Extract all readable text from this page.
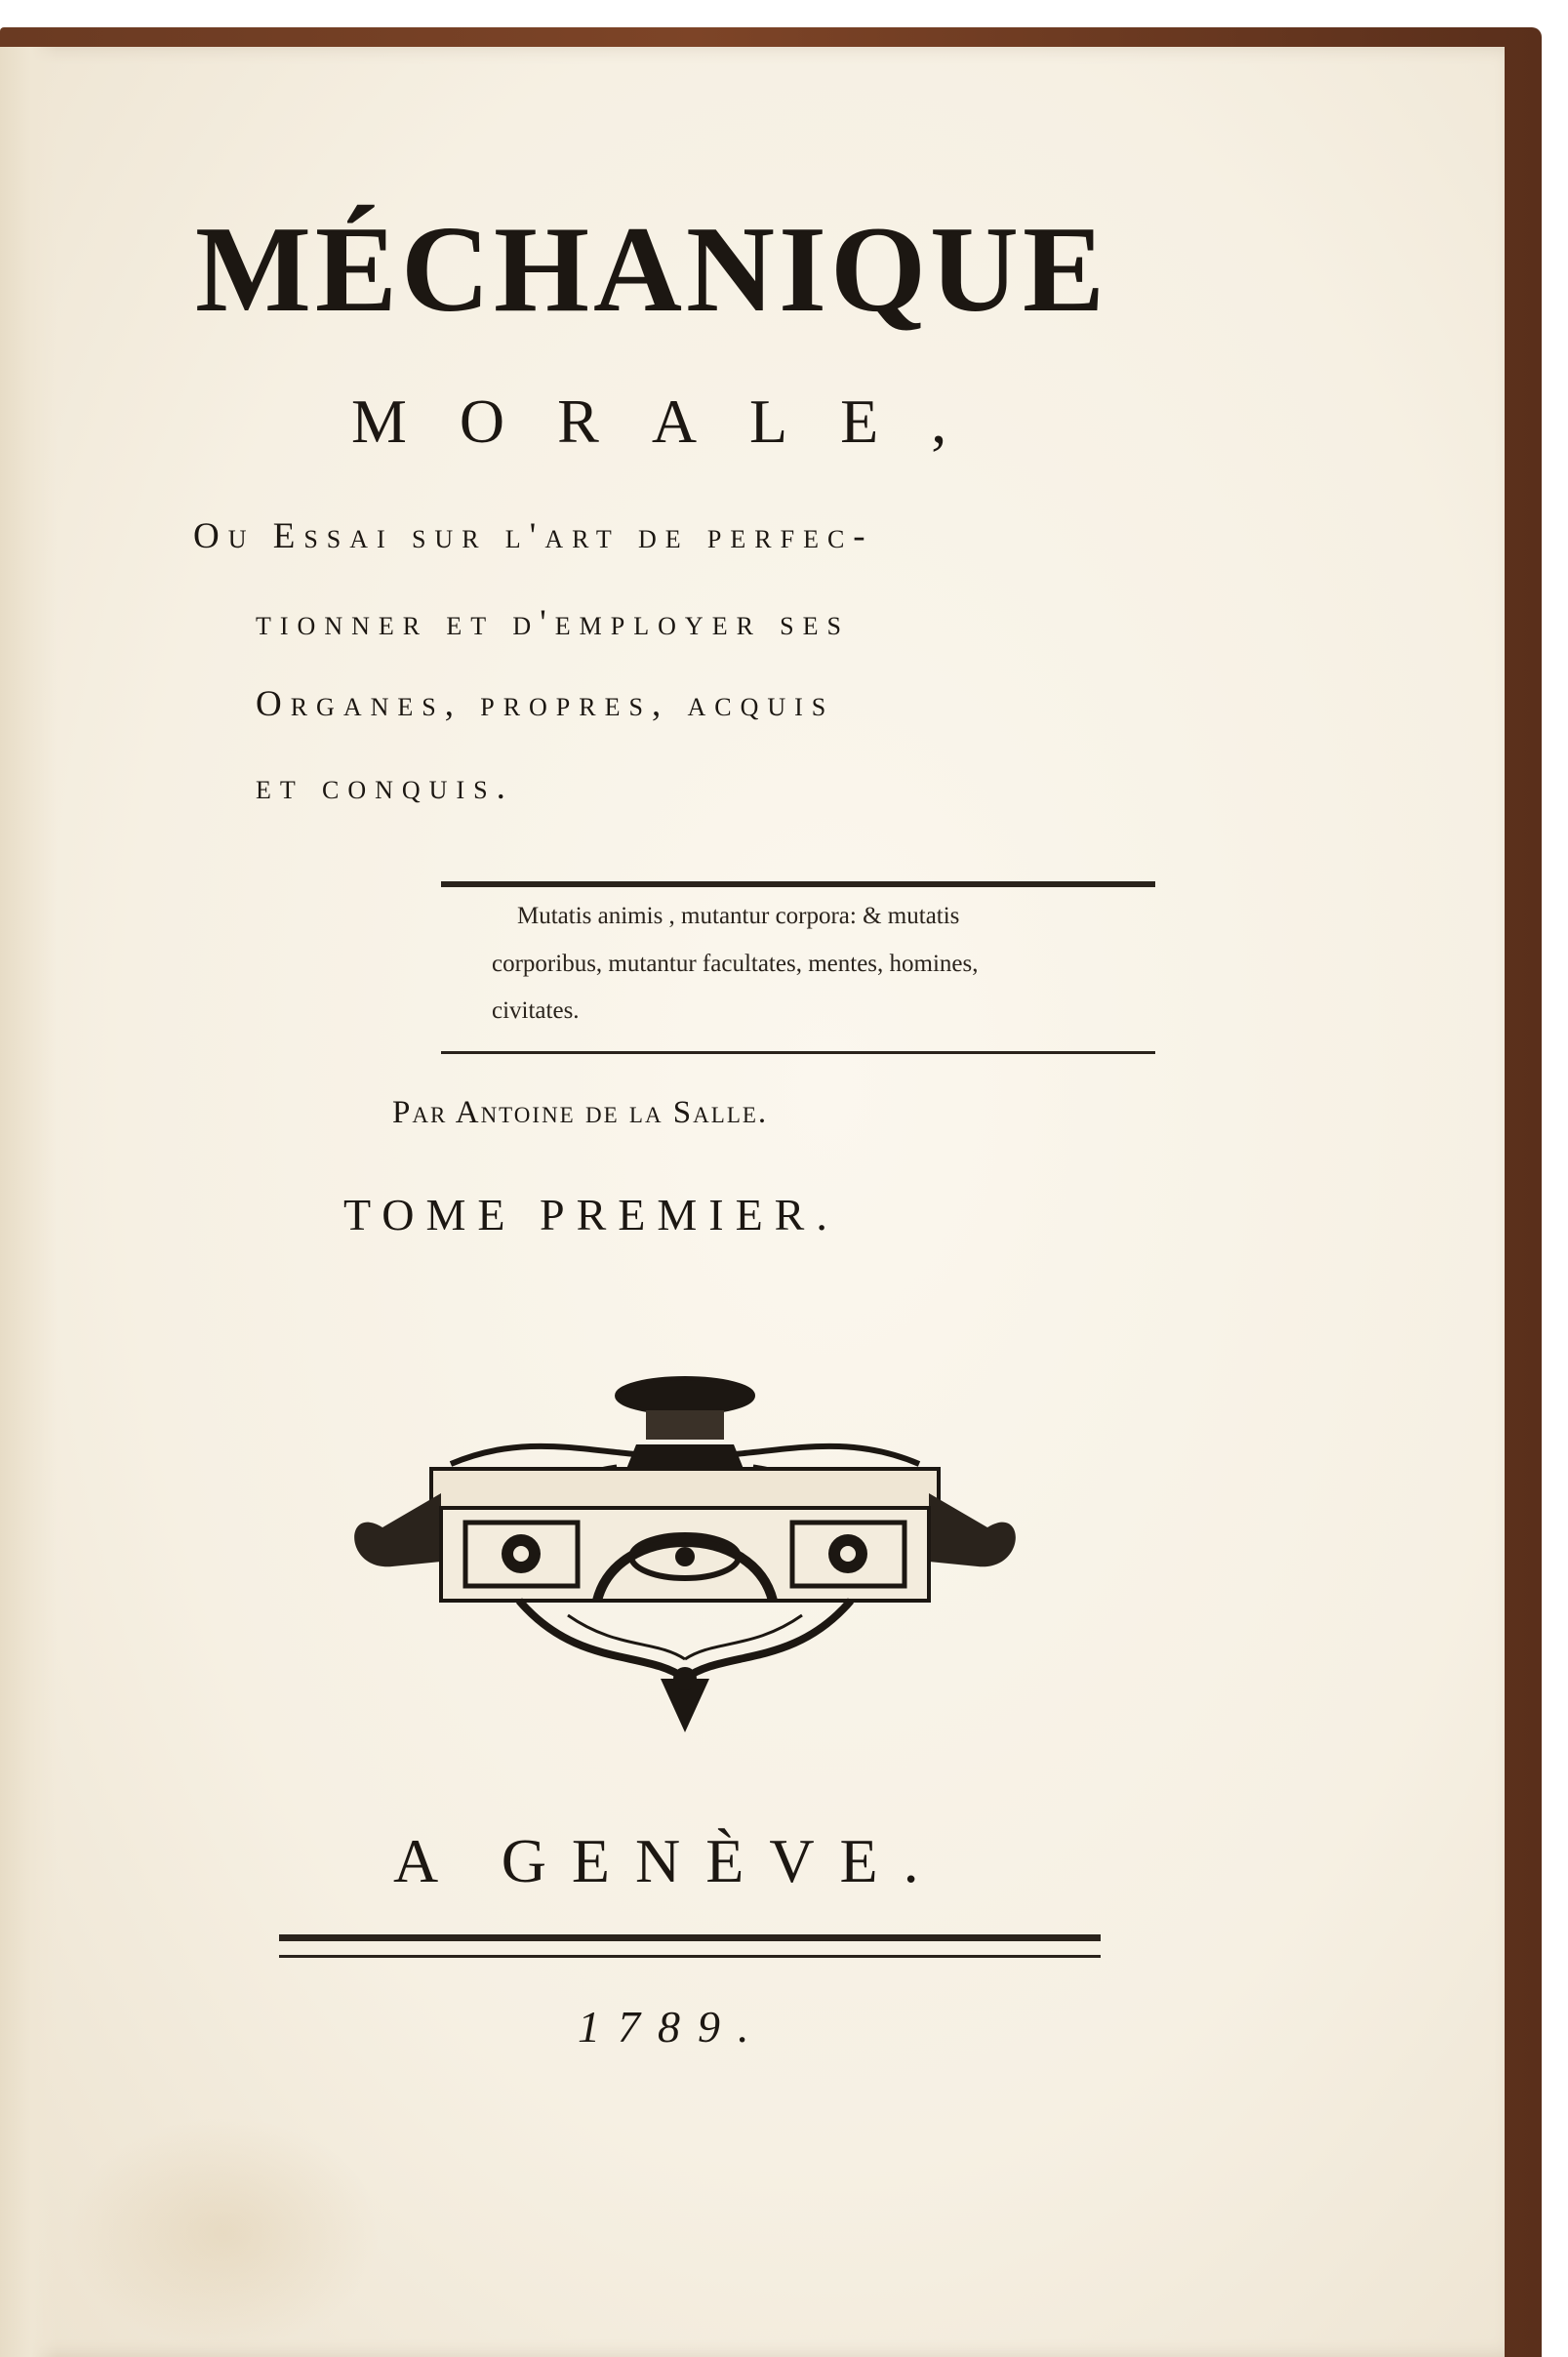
MÉCHANIQUE
MORALE,
Ou Essai sur l'art de perfec-
tionner et d'employer ses
Organes, propres, acquis
et conquis.
Mutatis animis , mutantur corpora: & mutatis
corporibus, mutantur facultates, mentes, homines,
civitates.
Par Antoine de la Salle.
TOME PREMIER.
A GENÈVE.
1789.
